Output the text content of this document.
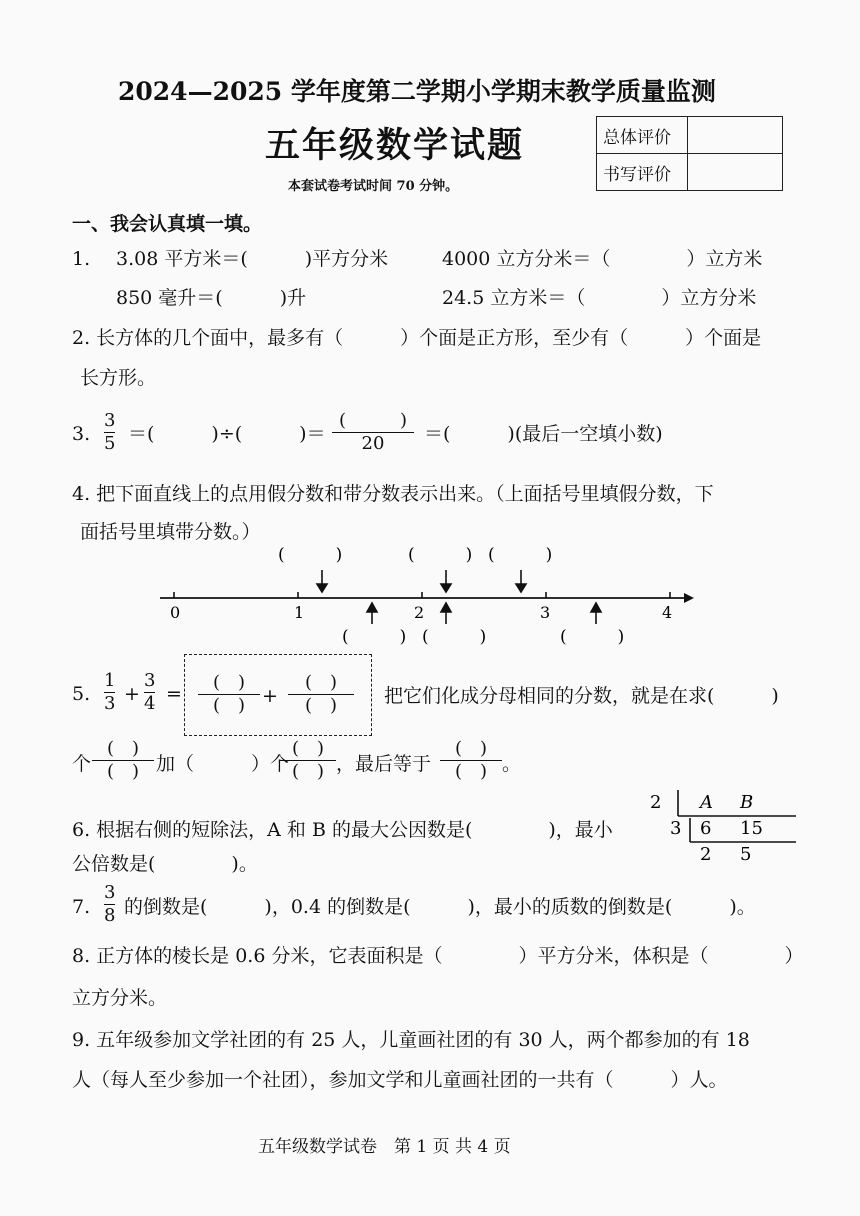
2024—2025 学年度第二学期小学期末教学质量监测
五年级数学试题
本套试卷考试时间 70 分钟。
总体评价	
书写评价	
一、我会认真填一填。
1. 3.08 平方米＝(　　　)平方分米	4000 立方分米＝（　　　　）立方米
850 毫升＝(　　　)升	24.5 立方米＝（　　　　）立方分米
2. 长方体的几个面中，最多有（　　　）个面是正方形，至少有（　　　）个面是
长方形。
3.
3
5 ＝(　　　)÷(　　　)＝
(　　　)
20 ＝(　　　)(最后一空填小数)
4. 把下面直线上的点用假分数和带分数表示出来。（上面括号里填假分数，下
面括号里填带分数。）
(　　　)	(　　　) (　　　)
0	1	2	3	4
(　　　) (　　　)	(　　　)
5.
1
3 +
3
4 =
(　)
(　) +
(　)
(　) 把它们化成分母相同的分数，就是在求(　　　)
个
(　)
(　) 加（　　　）个
(　)
(　) ，最后等于
(　)
(　) 。
6. 根据右侧的短除法，A 和 B 的最大公因数是(　　　　)，最小
公倍数是(　　　　)。
2 A B
3 6 15
2 5
7.
3
8 的倒数是(　　　)，0.4 的倒数是(　　　)，最小的质数的倒数是(　　　)。
8. 正方体的棱长是 0.6 分米，它表面积是（　　　　）平方分米，体积是（　　　　）
立方分米。
9. 五年级参加文学社团的有 25 人，儿童画社团的有 30 人，两个都参加的有 18
人（每人至少参加一个社团），参加文学和儿童画社团的一共有（　　　）人。
五年级数学试卷　第 1 页 共 4 页
